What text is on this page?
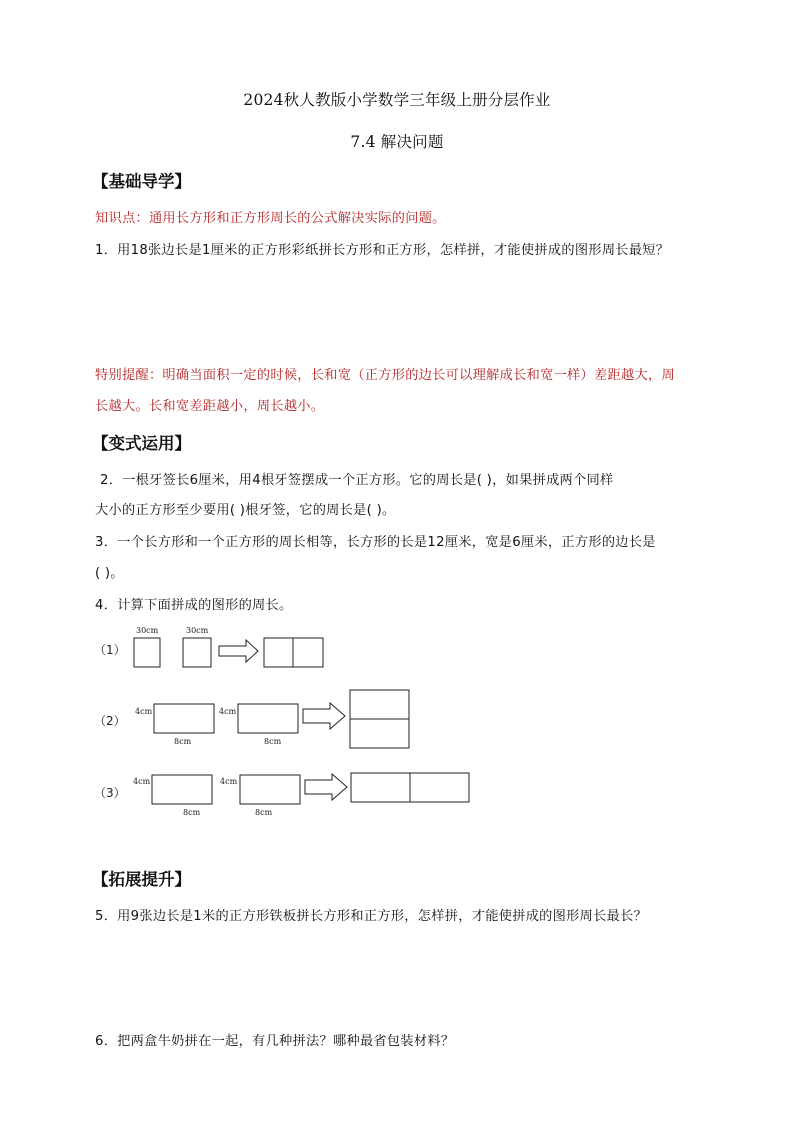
2024秋人教版小学数学三年级上册分层作业
7.4 解决问题
【基础导学】
知识点：通用长方形和正方形周长的公式解决实际的问题。
1．用18张边长是1厘米的正方形彩纸拼长方形和正方形，怎样拼，才能使拼成的图形周长最短？
特别提醒：明确当面积一定的时候，长和宽（正方形的边长可以理解成长和宽一样）差距越大，周
长越大。长和宽差距越小，周长越小。
【变式运用】
2．一根牙签长6厘米，用4根牙签摆成一个正方形。它的周长是( )，如果拼成两个同样
大小的正方形至少要用( )根牙签，它的周长是( )。
3．一个长方形和一个正方形的周长相等，长方形的长是12厘米，宽是6厘米，正方形的边长是
( )。
4．计算下面拼成的图形的周长。
30cm	30cm
4cm
8cm
4cm
8cm
4cm
8cm
4cm
8cm
（1）
（2）
（3）
【拓展提升】
5．用9张边长是1米的正方形铁板拼长方形和正方形，怎样拼，才能使拼成的图形周长最长？
6．把两盒牛奶拼在一起，有几种拼法？哪种最省包装材料？
